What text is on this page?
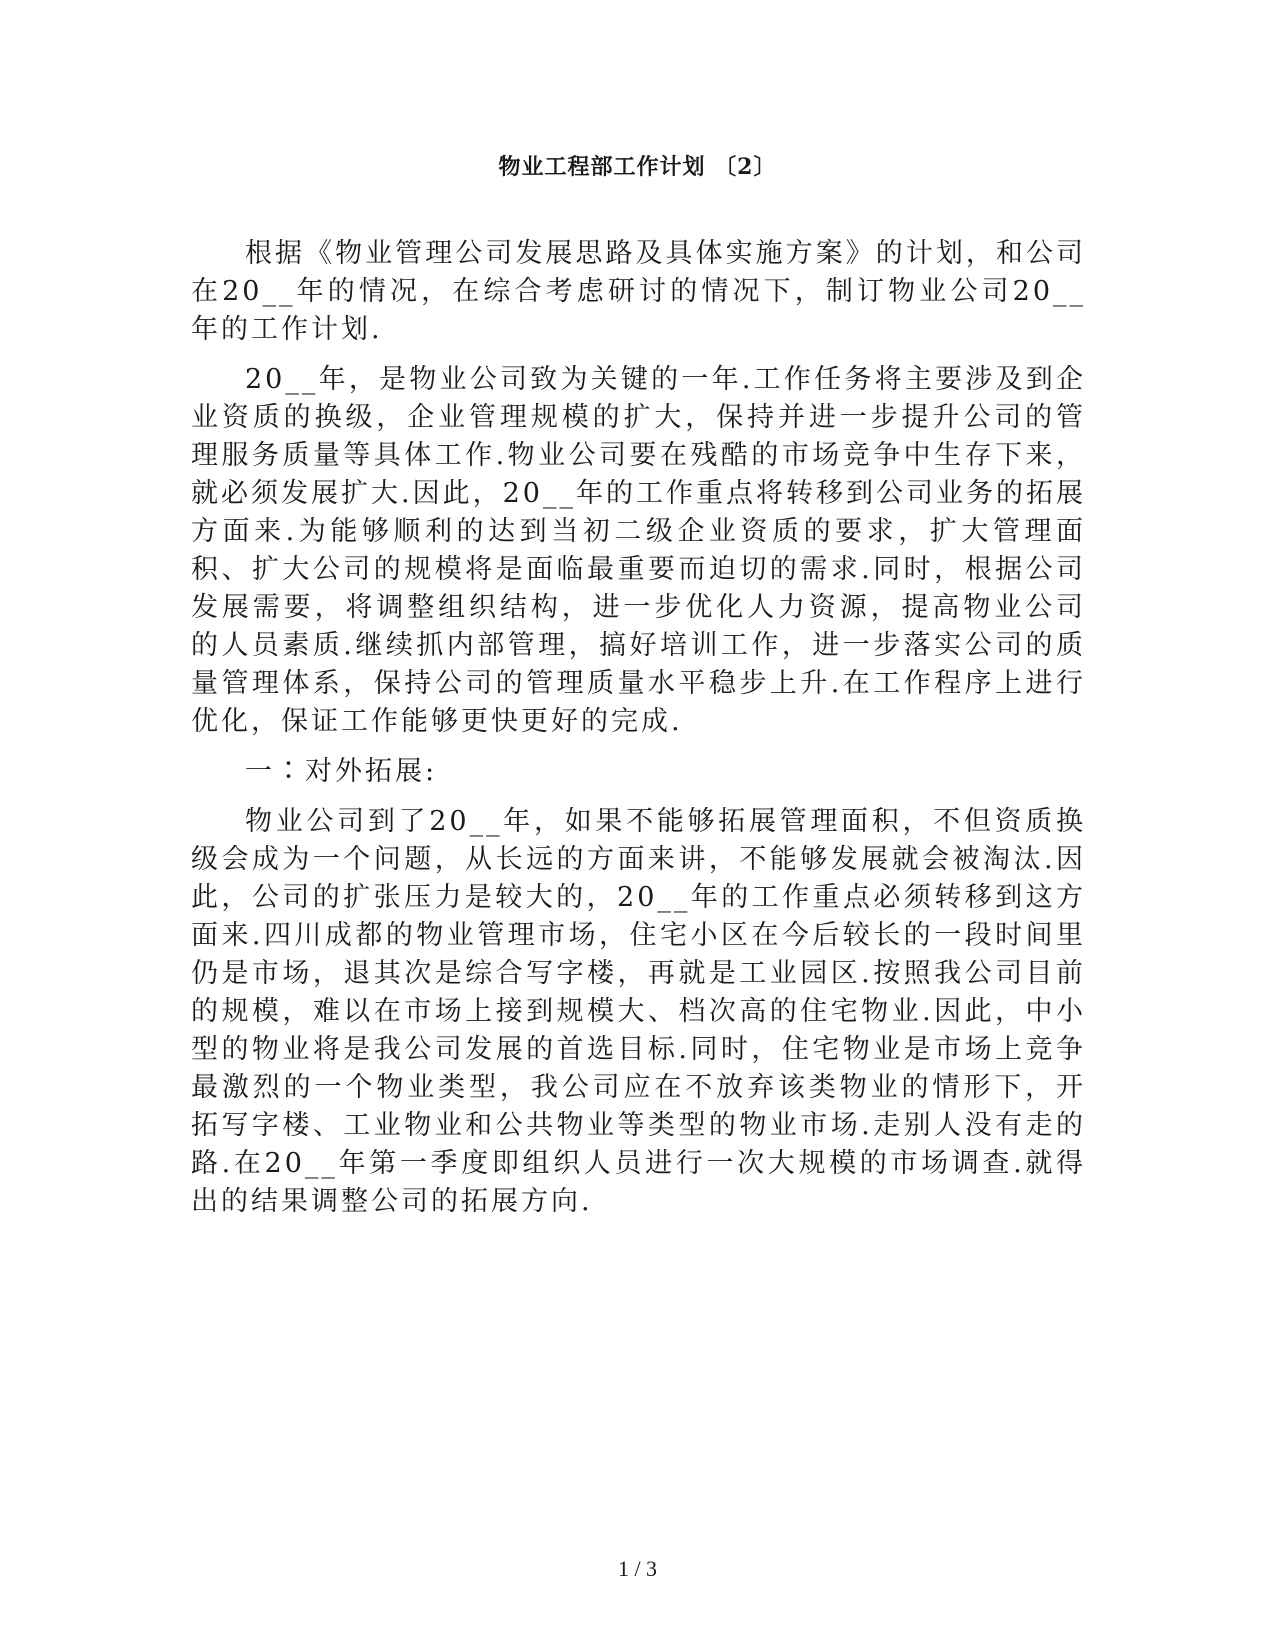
物业工程部工作计划 〔2〕

根据《物业管理公司发展思路及具体实施方案》的计划，和公司在20__年的情况，在综合考虑研讨的情况下，制订物业公司20__年的工作计划.

20__年，是物业公司致为关键的一年.工作任务将主要涉及到企业资质的换级，企业管理规模的扩大，保持并进一步提升公司的管理服务质量等具体工作.物业公司要在残酷的市场竞争中生存下来，就必须发展扩大.因此，20__年的工作重点将转移到公司业务的拓展方面来.为能够顺利的达到当初二级企业资质的要求，扩大管理面积、扩大公司的规模将是面临最重要而迫切的需求.同时，根据公司发展需要，将调整组织结构，进一步优化人力资源，提高物业公司的人员素质.继续抓内部管理，搞好培训工作，进一步落实公司的质量管理体系，保持公司的管理质量水平稳步上升.在工作程序上进行优化，保证工作能够更快更好的完成.

一∶对外拓展:

物业公司到了20__年，如果不能够拓展管理面积，不但资质换级会成为一个问题，从长远的方面来讲，不能够发展就会被淘汰.因此，公司的扩张压力是较大的，20__年的工作重点必须转移到这方面来.四川成都的物业管理市场，住宅小区在今后较长的一段时间里仍是市场，退其次是综合写字楼，再就是工业园区.按照我公司目前的规模，难以在市场上接到规模大、档次高的住宅物业.因此，中小型的物业将是我公司发展的首选目标.同时，住宅物业是市场上竞争最激烈的一个物业类型，我公司应在不放弃该类物业的情形下，开拓写字楼、工业物业和公共物业等类型的物业市场.走别人没有走的路.在20__年第一季度即组织人员进行一次大规模的市场调查.就得出的结果调整公司的拓展方向.

1 / 3
